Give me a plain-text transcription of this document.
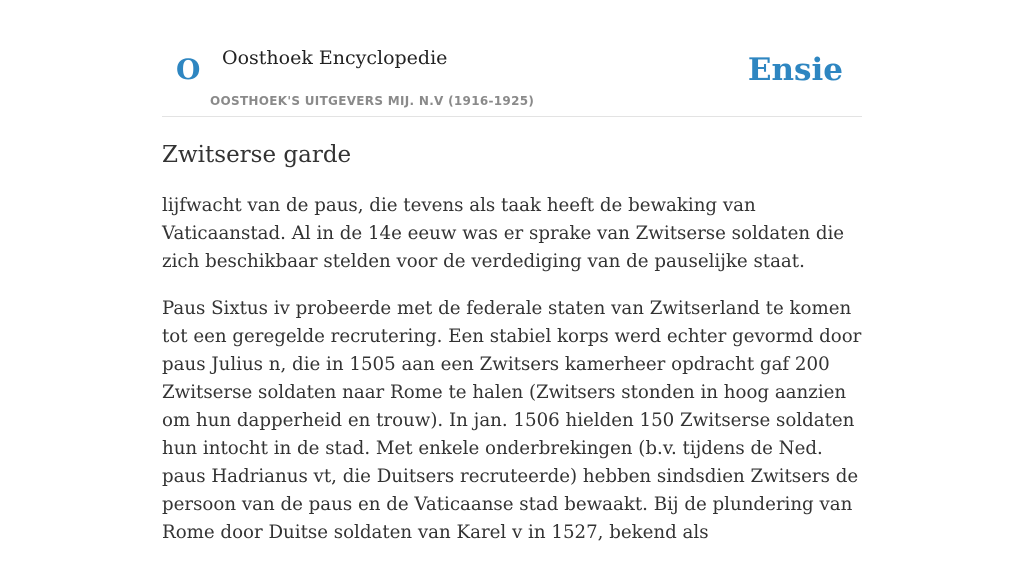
O Oosthoek Encyclopedie
OOSTHOEK'S UITGEVERS MIJ. N.V (1916-1925)
Ensie
Zwitserse garde

lijfwacht van de paus, die tevens als taak heeft de bewaking van Vaticaanstad. Al in de 14e eeuw was er sprake van Zwitserse soldaten die zich beschikbaar stelden voor de verdediging van de pauselijke staat.

Paus Sixtus iv probeerde met de federale staten van Zwitserland te komen tot een geregelde recrutering. Een stabiel korps werd echter gevormd door paus Julius n, die in 1505 aan een Zwitsers kamerheer opdracht gaf 200 Zwitserse soldaten naar Rome te halen (Zwitsers stonden in hoog aanzien om hun dapperheid en trouw). In jan. 1506 hielden 150 Zwitserse soldaten hun intocht in de stad. Met enkele onderbrekingen (b.v. tijdens de Ned. paus Hadrianus vt, die Duitsers recruteerde) hebben sindsdien Zwitsers de persoon van de paus en de Vaticaanse stad bewaakt. Bij de plundering van Rome door Duitse soldaten van Karel v in 1527, bekend als
